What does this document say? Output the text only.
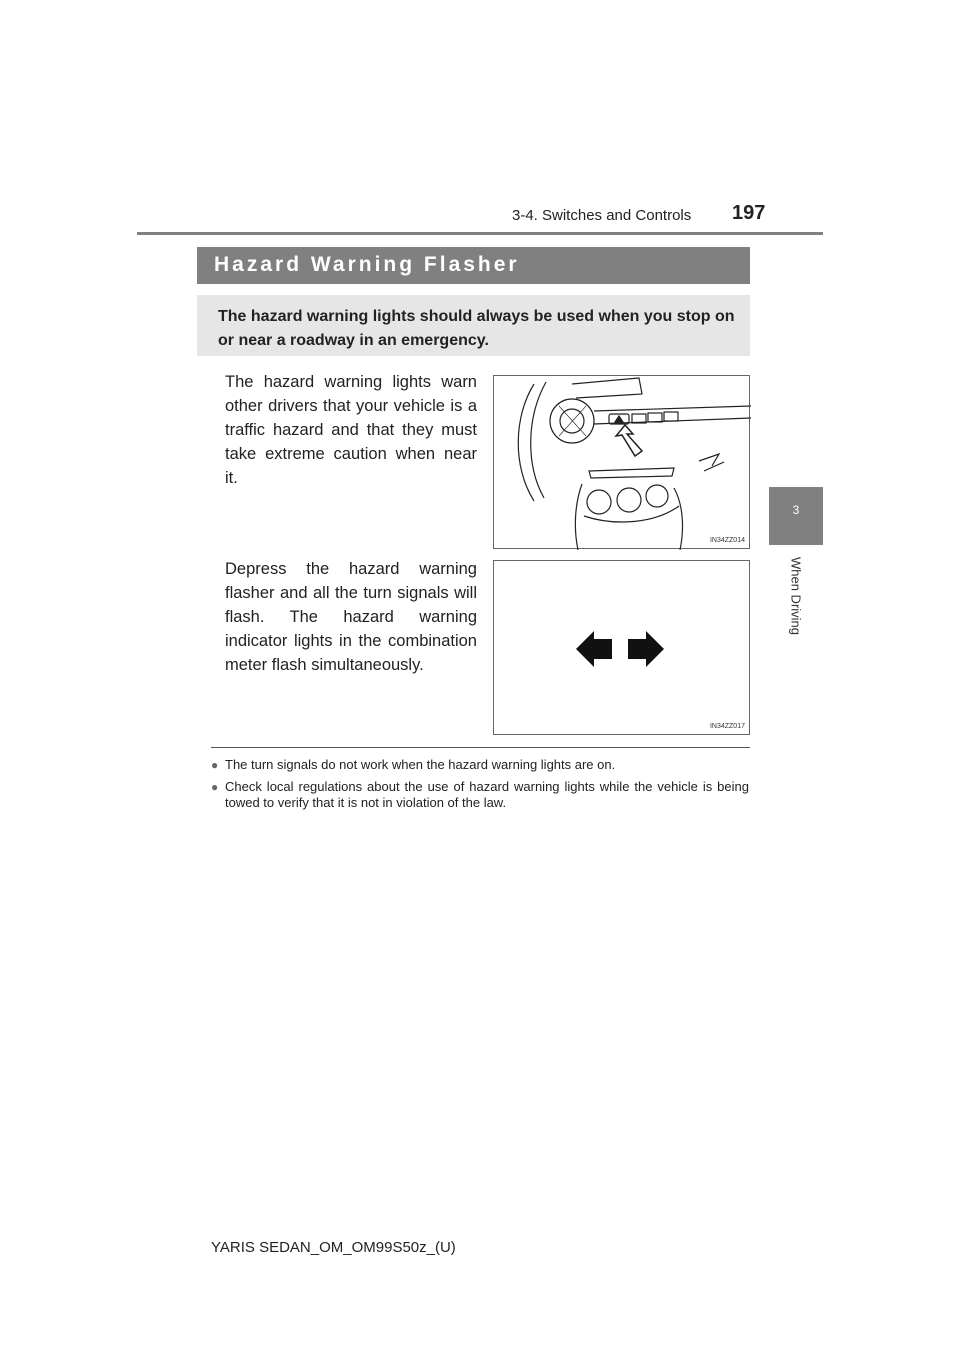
3-4. Switches and Controls 197
3
When Driving
Hazard Warning Flasher
The hazard warning lights should always be used when you stop on or near a roadway in an emergency.
The hazard warning lights warn other drivers that your vehicle is a traffic hazard and that they must take extreme caution when near it.
Depress the hazard warning flasher and all the turn signals will flash. The hazard warning indicator lights in the combination meter flash simultaneously.
IN34ZZ014
IN34ZZ017
● The turn signals do not work when the hazard warning lights are on.
● Check local regulations about the use of hazard warning lights while the vehicle is being towed to verify that it is not in violation of the law.
YARIS SEDAN_OM_OM99S50z_(U)
